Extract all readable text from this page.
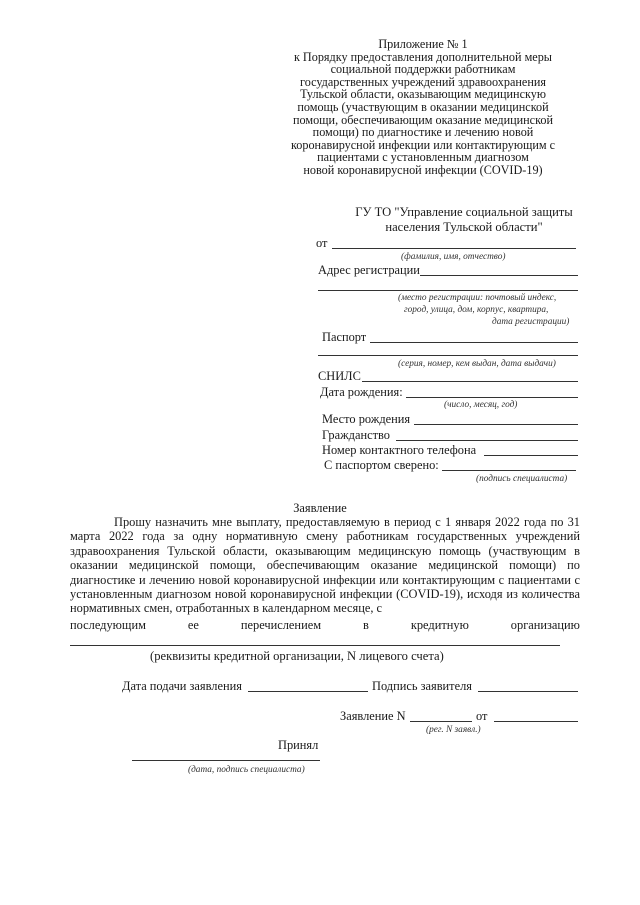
Приложение № 1
к Порядку предоставления дополнительной меры
социальной поддержки работникам
государственных учреждений здравоохранения
Тульской области, оказывающим медицинскую
помощь (участвующим в оказании медицинской
помощи, обеспечивающим оказание медицинской
помощи) по диагностике и лечению новой
коронавирусной инфекции или контактирующим с
пациентами с установленным диагнозом
новой коронавирусной инфекции (COVID-19)
ГУ ТО "Управление социальной защиты
населения Тульской области"
от
(фамилия, имя, отчество)
Адрес регистрации
(место регистрации: почтовый индекс,
город, улица, дом, корпус, квартира,
дата регистрации)
Паспорт
(серия, номер, кем выдан, дата выдачи)
СНИЛС
Дата рождения:
(число, месяц, год)
Место рождения
Гражданство
Номер контактного телефона
С паспортом сверено:
(подпись специалиста)
Заявление
Прошу назначить мне выплату, предоставляемую в период с 1 января 2022 года по 31 марта 2022 года за одну нормативную смену работникам государственных учреждений здравоохранения Тульской области, оказывающим медицинскую помощь (участвующим в оказании медицинской помощи, обеспечивающим оказание медицинской помощи) по диагностике и лечению новой коронавирусной инфекции или контактирующим с пациентами с установленным диагнозом новой коронавирусной инфекции (COVID-19), исходя из количества нормативных смен, отработанных в календарном месяце, с
последующим	ее	перечислением	в	кредитную	организацию
(реквизиты кредитной организации, N лицевого счета)
Дата подачи заявления	Подпись заявителя
Заявление N	от
(рег. N заявл.)
Принял
(дата, подпись специалиста)
